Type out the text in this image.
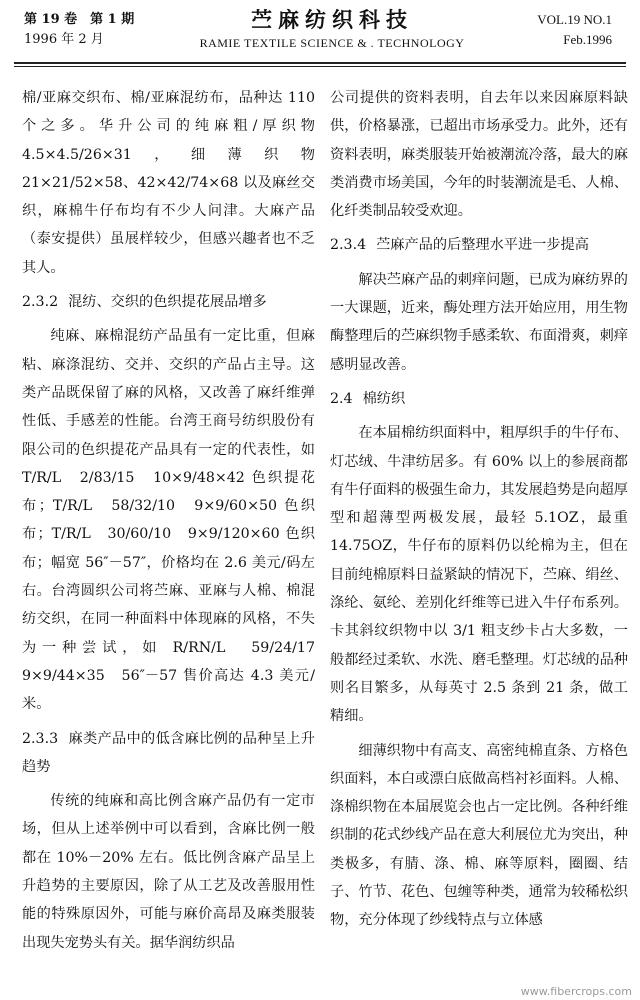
第 19 卷　第 1 期
1996 年 2 月
苎麻纺织科技
RAMIE TEXTILE SCIENCE & . TECHNOLOGY
VOL.19 NO.1
Feb.1996

棉/亚麻交织布、棉/亚麻混纺布，品种达 110 个之多。华升公司的纯麻粗/厚织物 4.5×4.5/26×31，细薄织物 21×21/52×58、42×42/74×68 以及麻丝交织，麻棉牛仔布均有不少人问津。大麻产品（泰安提供）虽展样较少，但感兴趣者也不乏其人。

2.3.2 混纺、交织的色织提花展品增多

纯麻、麻棉混纺产品虽有一定比重，但麻粘、麻涤混纺、交并、交织的产品占主导。这类产品既保留了麻的风格，又改善了麻纤维弹性低、手感差的性能。台湾王商号纺织股份有限公司的色织提花产品具有一定的代表性，如 T/R/L　2/83/15　10×9/48×42 色织提花布；T/R/L　58/32/10　9×9/60×50 色织布；T/R/L　30/60/10　9×9/120×60 色织布；幅宽 56″－57″，价格均在 2.6 美元/码左右。台湾圆织公司将苎麻、亚麻与人棉、棉混纺交织，在同一种面料中体现麻的风格，不失为一种尝试，如 R/RN/L　59/24/17　9×9/44×35　56″－57 售价高达 4.3 美元/米。

2.3.3 麻类产品中的低含麻比例的品种呈上升趋势

传统的纯麻和高比例含麻产品仍有一定市场，但从上述举例中可以看到，含麻比例一般都在 10%－20% 左右。低比例含麻产品呈上升趋势的主要原因，除了从工艺及改善服用性能的特殊原因外，可能与麻价高昂及麻类服装出现失宠势头有关。据华润纺织品

公司提供的资料表明，自去年以来因麻原料缺供，价格暴涨，已超出市场承受力。此外，还有资料表明，麻类服装开始被潮流冷落，最大的麻类消费市场美国，今年的时装潮流是毛、人棉、化纤类制品较受欢迎。

2.3.4 苎麻产品的后整理水平进一步提高

解决苎麻产品的刺痒问题，已成为麻纺界的一大课题，近来，酶处理方法开始应用，用生物酶整理后的苎麻织物手感柔软、布面滑爽，刺痒感明显改善。

2.4 棉纺织

在本届棉纺织面料中，粗厚织手的牛仔布、灯芯绒、牛津纺居多。有 60% 以上的参展商都有牛仔面料的极强生命力，其发展趋势是向超厚型和超薄型两极发展，最轻 5.1OZ，最重 14.75OZ，牛仔布的原料仍以纶棉为主，但在目前纯棉原料日益紧缺的情况下，苎麻、绢丝、涤纶、氨纶、差别化纤维等已进入牛仔布系列。卡其斜纹织物中以 3/1 粗支纱卡占大多数，一般都经过柔软、水洗、磨毛整理。灯芯绒的品种则名目繁多，从每英寸 2.5 条到 21 条，做工精细。

细薄织物中有高支、高密纯棉直条、方格色织面料，本白或漂白底做高档衬衫面料。人棉、涤棉织物在本届展览会也占一定比例。各种纤维织制的花式纱线产品在意大利展位尤为突出，种类极多，有腈、涤、棉、麻等原料，圈圈、结子、竹节、花色、包缠等种类，通常为较稀松织物，充分体现了纱线特点与立体感

www.fibercrops.com
